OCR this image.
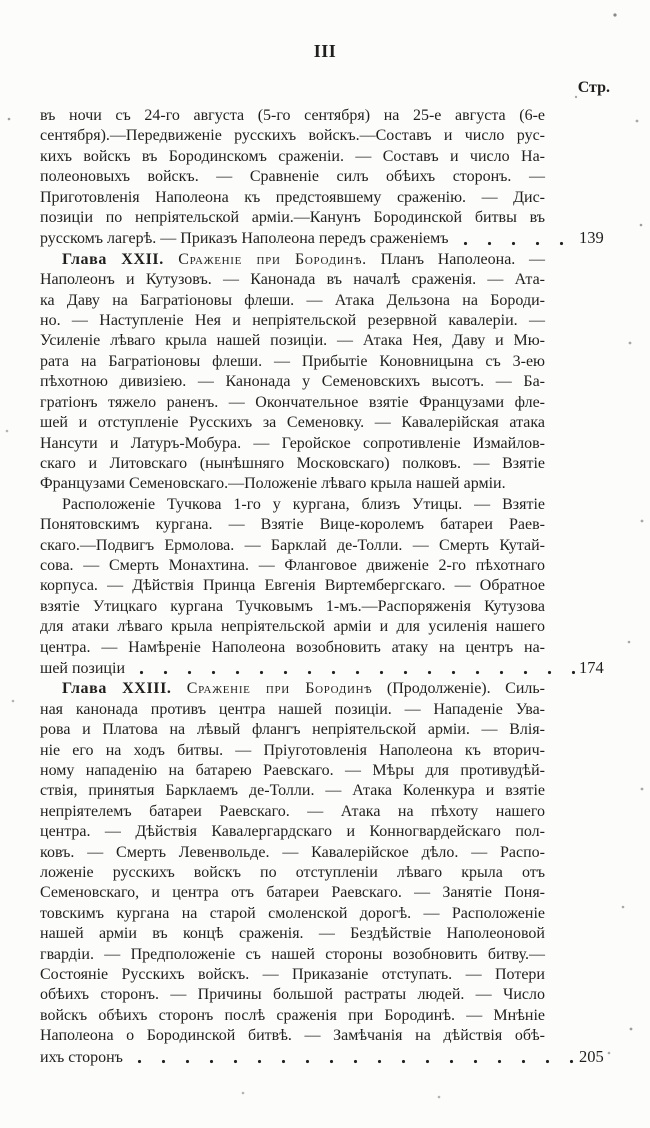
III
Стр.
въ ночи съ 24-го августа (5-го сентября) на 25-е августа (6-е
сентября).—Передвиженіе русскихъ войскъ.—Составъ и число рус-
кихъ войскъ въ Бородинскомъ сраженіи. — Составъ и число На-
полеоновыхъ войскъ. — Сравненіе силъ обѣихъ сторонъ. —
Приготовленія Наполеона къ предстоявшему сраженію. — Дис-
позиціи по непріятельской арміи.—Канунъ Бородинской битвы въ
русскомъ лагерѣ. — Приказъ Наполеона передъ сраженіемъ	139
Глава XXII. Сраженіе при Бородинѣ. Планъ Наполеона. —
Наполеонъ и Кутузовъ. — Канонада въ началѣ сраженія. — Ата-
ка Даву на Багратіоновы флеши. — Атака Дельзона на Бороди-
но. — Наступленіе Нея и непріятельской резервной кавалеріи. —
Усиленіе лѣваго крыла нашей позиціи. — Атака Нея, Даву и Мю-
рата на Багратіоновы флеши. — Прибытіе Коновницына съ 3-ею
пѣхотною дивизіею. — Канонада у Семеновскихъ высотъ. — Ба-
гратіонъ тяжело раненъ. — Окончательное взятіе Французами фле-
шей и отступленіе Русскихъ за Семеновку. — Кавалерійская атака
Нансути и Латуръ-Мобура. — Геройское сопротивленіе Измайлов-
скаго и Литовскаго (нынѣшняго Московскаго) полковъ. — Взятіе
Французами Семеновскаго.—Положеніе лѣваго крыла нашей арміи.
Расположеніе Тучкова 1-го у кургана, близъ Утицы. — Взятіе
Понятовскимъ кургана. — Взятіе Вице-королемъ батареи Раев-
скаго.—Подвигъ Ермолова. — Барклай де-Толли. — Смерть Кутай-
сова. — Смерть Монахтина. — Фланговое движеніе 2-го пѣхотнаго
корпуса. — Дѣйствія Принца Евгенія Виртембергскаго. — Обратное
взятіе Утицкаго кургана Тучковымъ 1-мъ.—Распоряженія Кутузова
для атаки лѣваго крыла непріятельской арміи и для усиленія нашего
центра. — Намѣреніе Наполеона возобновить атаку на центръ на-
шей позиціи	174
Глава XXIII. Сраженіе при Бородинѣ (Продолженіе). Силь-
ная канонада противъ центра нашей позиціи. — Нападеніе Ува-
рова и Платова на лѣвый флангъ непріятельской арміи. — Влія-
ніе его на ходъ битвы. — Пріуготовленія Наполеона къ вторич-
ному нападенію на батарею Раевскаго. — Мѣры для противудѣй-
ствія, принятыя Барклаемъ де-Толли. — Атака Коленкура и взятіе
непріятелемъ батареи Раевскаго. — Атака на пѣхоту нашего
центра. — Дѣйствія Кавалергардскаго и Конногвардейскаго пол-
ковъ. — Смерть Левенвольде. — Кавалерійское дѣло. — Распо-
ложеніе русскихъ войскъ по отступленіи лѣваго крыла отъ
Семеновскаго, и центра отъ батареи Раевскаго. — Занятіе Поня-
товскимъ кургана на старой смоленской дорогѣ. — Расположеніе
нашей арміи въ концѣ сраженія. — Бездѣйствіе Наполеоновой
гвардіи. — Предположеніе съ нашей стороны возобновить битву.—
Состояніе Русскихъ войскъ. — Приказаніе отступать. — Потери
обѣихъ сторонъ. — Причины большой растраты людей. — Число
войскъ обѣихъ сторонъ послѣ сраженія при Бородинѣ. — Мнѣніе
Наполеона о Бородинской битвѣ. — Замѣчанія на дѣйствія обѣ-
ихъ сторонъ	205
